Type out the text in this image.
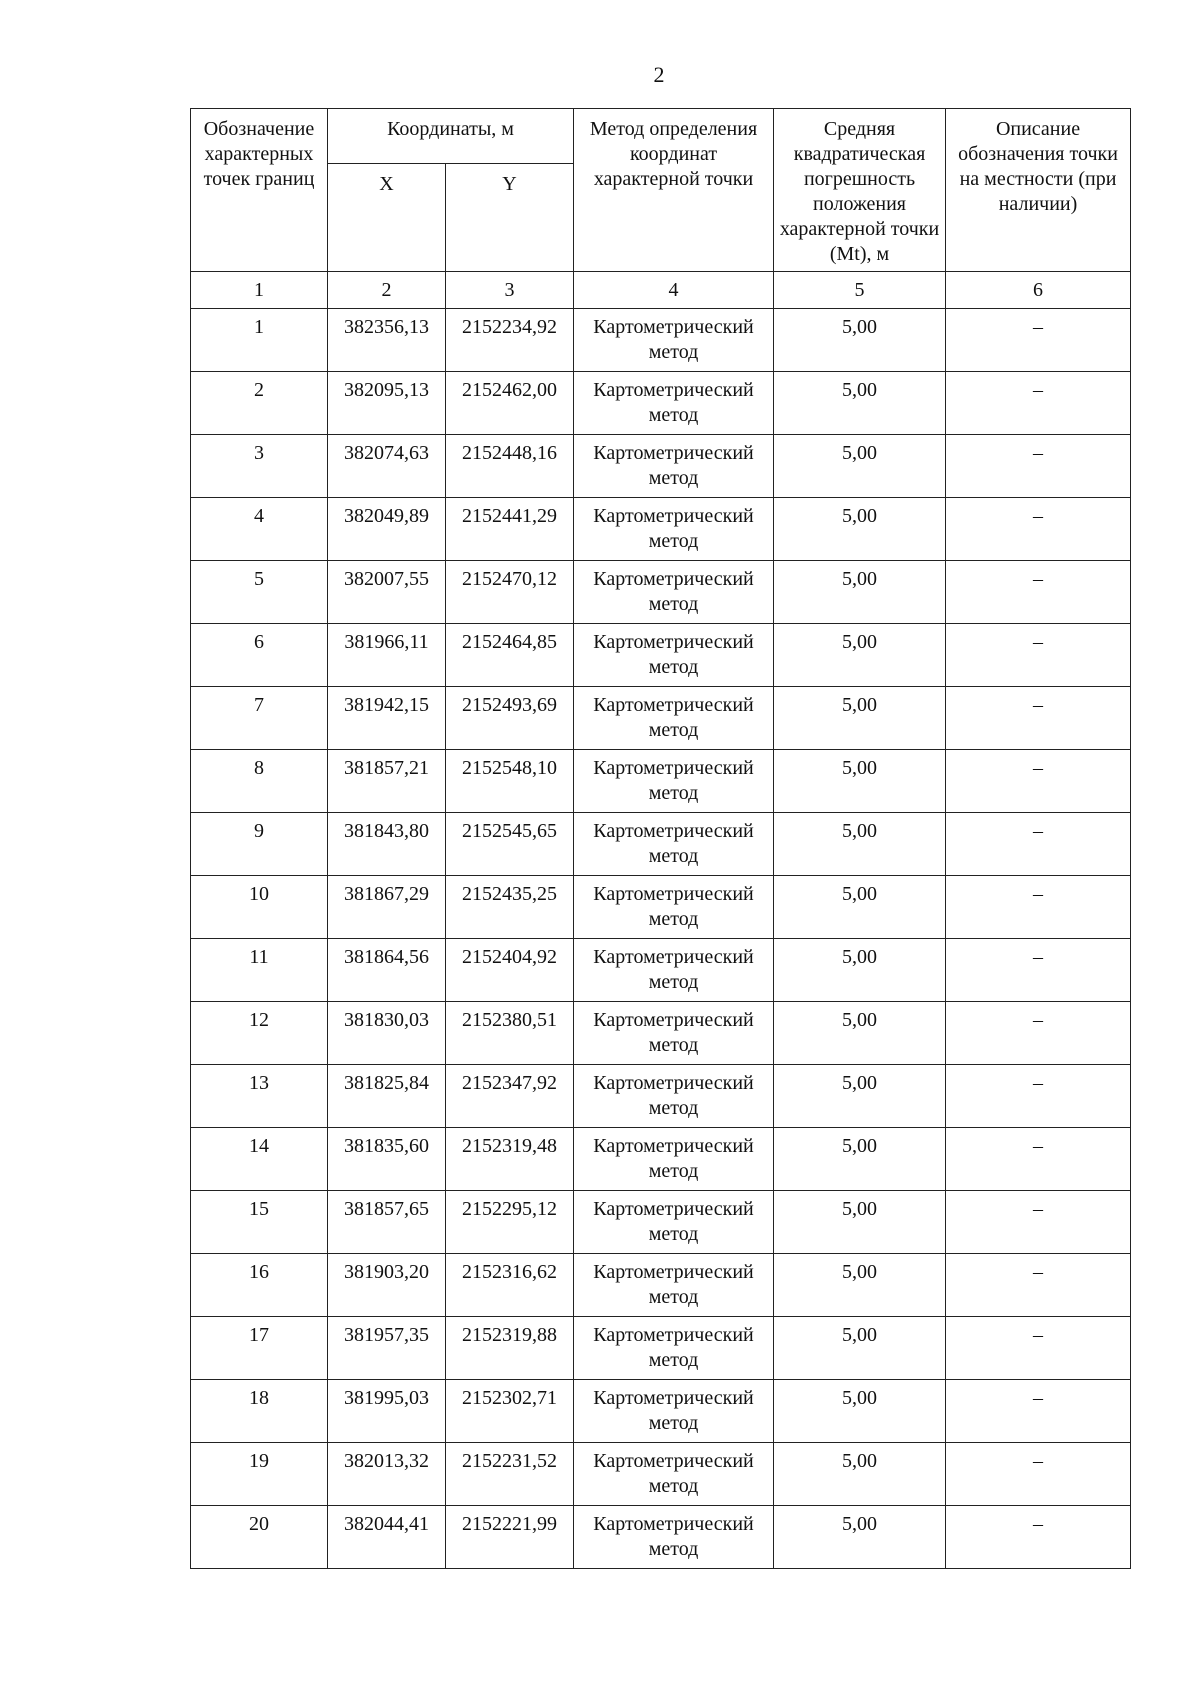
2
Обозначение характерных точек границ	Координаты, м		Метод определения координат характерной точки	Средняя квадратическая погрешность положения характерной точки (Mt), м	Описание обозначения точки на местности (при наличии)
	X	Y			
1	2	3	4	5	6
1	382356,13	2152234,92	Картометрический метод	5,00	–
2	382095,13	2152462,00	Картометрический метод	5,00	–
3	382074,63	2152448,16	Картометрический метод	5,00	–
4	382049,89	2152441,29	Картометрический метод	5,00	–
5	382007,55	2152470,12	Картометрический метод	5,00	–
6	381966,11	2152464,85	Картометрический метод	5,00	–
7	381942,15	2152493,69	Картометрический метод	5,00	–
8	381857,21	2152548,10	Картометрический метод	5,00	–
9	381843,80	2152545,65	Картометрический метод	5,00	–
10	381867,29	2152435,25	Картометрический метод	5,00	–
11	381864,56	2152404,92	Картометрический метод	5,00	–
12	381830,03	2152380,51	Картометрический метод	5,00	–
13	381825,84	2152347,92	Картометрический метод	5,00	–
14	381835,60	2152319,48	Картометрический метод	5,00	–
15	381857,65	2152295,12	Картометрический метод	5,00	–
16	381903,20	2152316,62	Картометрический метод	5,00	–
17	381957,35	2152319,88	Картометрический метод	5,00	–
18	381995,03	2152302,71	Картометрический метод	5,00	–
19	382013,32	2152231,52	Картометрический метод	5,00	–
20	382044,41	2152221,99	Картометрический метод	5,00	–
